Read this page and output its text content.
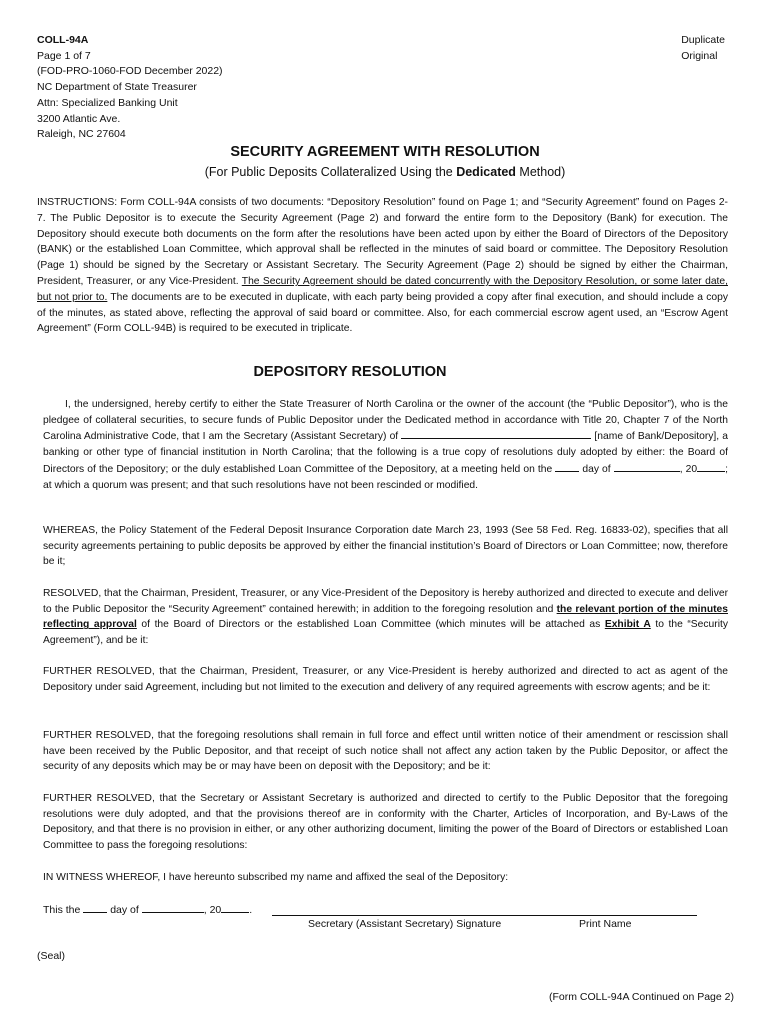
COLL-94A
Page 1 of 7
(FOD-PRO-1060-FOD December 2022)
NC Department of State Treasurer
Attn: Specialized Banking Unit
3200 Atlantic Ave.
Raleigh, NC 27604
Duplicate
Original
SECURITY AGREEMENT WITH RESOLUTION
(For Public Deposits Collateralized Using the Dedicated Method)
INSTRUCTIONS: Form COLL-94A consists of two documents: “Depository Resolution” found on Page 1; and “Security Agreement” found on Pages 2-7. The Public Depositor is to execute the Security Agreement (Page 2) and forward the entire form to the Depository (Bank) for execution. The Depository should execute both documents on the form after the resolutions have been acted upon by either the Board of Directors of the Depository (BANK) or the established Loan Committee, which approval shall be reflected in the minutes of said board or committee. The Depository Resolution (Page 1) should be signed by the Secretary or Assistant Secretary. The Security Agreement (Page 2) should be signed by either the Chairman, President, Treasurer, or any Vice-President. The Security Agreement should be dated concurrently with the Depository Resolution, or some later date, but not prior to. The documents are to be executed in duplicate, with each party being provided a copy after final execution, and should include a copy of the minutes, as stated above, reflecting the approval of said board or committee. Also, for each commercial escrow agent used, an “Escrow Agent Agreement” (Form COLL-94B) is required to be executed in triplicate.
DEPOSITORY RESOLUTION
I, the undersigned, hereby certify to either the State Treasurer of North Carolina or the owner of the account (the “Public Depositor”), who is the pledgee of collateral securities, to secure funds of Public Depositor under the Dedicated method in accordance with Title 20, Chapter 7 of the North Carolina Administrative Code, that I am the Secretary (Assistant Secretary) of	[name of Bank/Depository], a banking or other type of financial institution in North Carolina; that the following is a true copy of resolutions duly adopted by either: the Board of Directors of the Depository; or the duly established Loan Committee of the Depository, at a meeting held on the  day of	, 20	; at which a quorum was present; and that such resolutions have not been rescinded or modified.
WHEREAS, the Policy Statement of the Federal Deposit Insurance Corporation date March 23, 1993 (See 58 Fed. Reg. 16833-02), specifies that all security agreements pertaining to public deposits be approved by either the financial institution’s Board of Directors or Loan Committee; now, therefore be it;
RESOLVED, that the Chairman, President, Treasurer, or any Vice-President of the Depository is hereby authorized and directed to execute and deliver to the Public Depositor the “Security Agreement” contained herewith; in addition to the foregoing resolution and the relevant portion of the minutes reflecting approval of the Board of Directors or the established Loan Committee (which minutes will be attached as Exhibit A to the “Security Agreement”), and be it:
FURTHER RESOLVED, that the Chairman, President, Treasurer, or any Vice-President is hereby authorized and directed to act as agent of the Depository under said Agreement, including but not limited to the execution and delivery of any required agreements with escrow agents; and be it:
FURTHER RESOLVED, that the foregoing resolutions shall remain in full force and effect until written notice of their amendment or rescission shall have been received by the Public Depositor, and that receipt of such notice shall not affect any action taken by the Public Depositor, or affect the security of any deposits which may be or may have been on deposit with the Depository; and be it:
FURTHER RESOLVED, that the Secretary or Assistant Secretary is authorized and directed to certify to the Public Depositor that the foregoing resolutions were duly adopted, and that the provisions thereof are in conformity with the Charter, Articles of Incorporation, and By-Laws of the Depository, and that there is no provision in either, or any other authorizing document, limiting the power of the Board of Directors or established Loan Committee to pass the foregoing resolutions:
IN WITNESS WHEREOF, I have hereunto subscribed my name and affixed the seal of the Depository:
This the  day of	, 20	.
Secretary (Assistant Secretary) Signature	Print Name
(Seal)
(Form COLL-94A Continued on Page 2)
